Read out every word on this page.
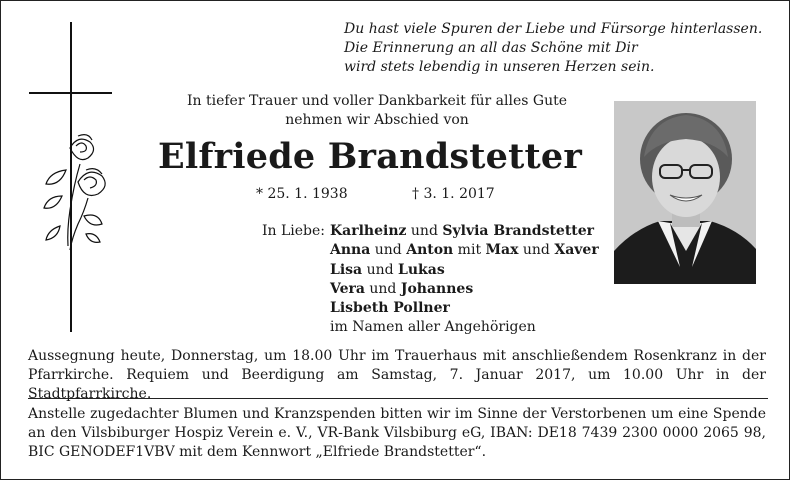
Du hast viele Spuren der Liebe und Fürsorge hinterlassen.
Die Erinnerung an all das Schöne mit Dir
wird stets lebendig in unseren Herzen sein.
In tiefer Trauer und voller Dankbarkeit für alles Gute
nehmen wir Abschied von
Elfriede Brandstetter
* 25. 1. 1938	† 3. 1. 2017
In Liebe: Karlheinz und Sylvia Brandstetter
Anna und Anton mit Max und Xaver
Lisa und Lukas
Vera und Johannes
Lisbeth Pollner
im Namen aller Angehörigen
Aussegnung heute, Donnerstag, um 18.00 Uhr im Trauerhaus mit anschließendem Rosenkranz in der Pfarrkirche. Requiem und Beerdigung am Samstag, 7. Januar 2017, um 10.00 Uhr in der Stadtpfarrkirche.
Anstelle zugedachter Blumen und Kranzspenden bitten wir im Sinne der Verstorbenen um eine Spende an den Vilsbiburger Hospiz Verein e. V., VR-Bank Vilsbiburg eG, IBAN: DE18 7439 2300 0000 2065 98, BIC GENODEF1VBV mit dem Kennwort „Elfriede Brandstetter“.
